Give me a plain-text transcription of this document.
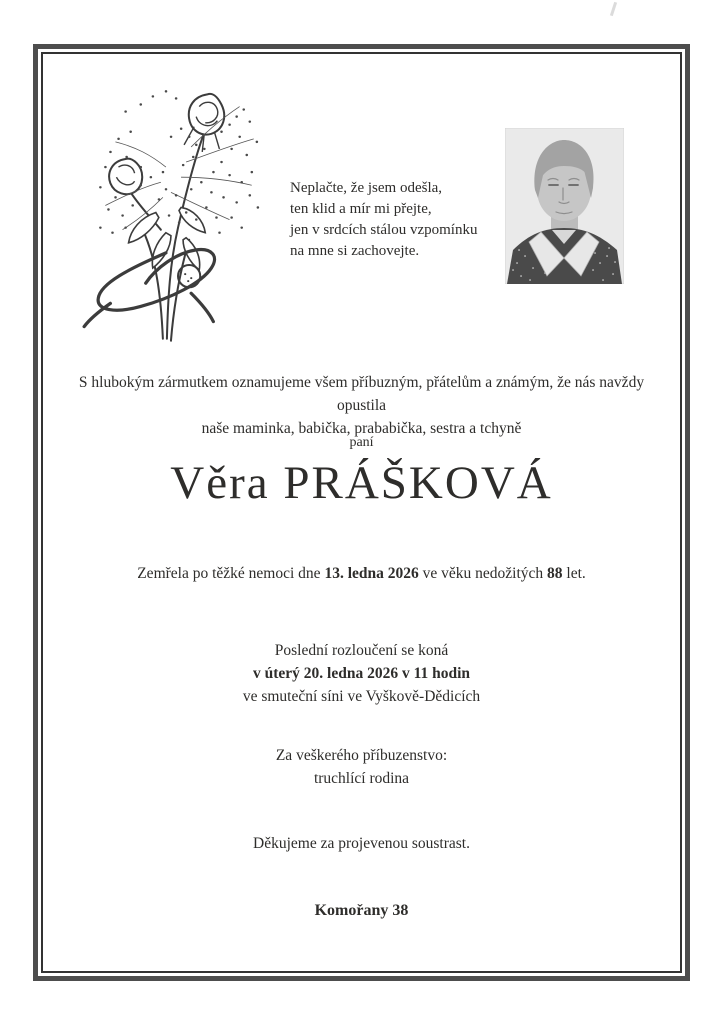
Neplačte, že jsem odešla,
ten klid a mír mi přejte,
jen v srdcích stálou vzpomínku
na mne si zachovejte.
S hlubokým zármutkem oznamujeme všem příbuzným, přátelům a známým, že nás navždy opustila
naše maminka, babička, prababička, sestra a tchyně
paní
Věra PRÁŠKOVÁ
Zemřela po těžké nemoci dne 13. ledna 2026 ve věku nedožitých 88 let.
Poslední rozloučení se koná
v úterý 20. ledna 2026 v 11 hodin
ve smuteční síni ve Vyškově-Dědicích
Za veškerého příbuzenstvo:
truchlící rodina
Děkujeme za projevenou soustrast.
Komořany 38
